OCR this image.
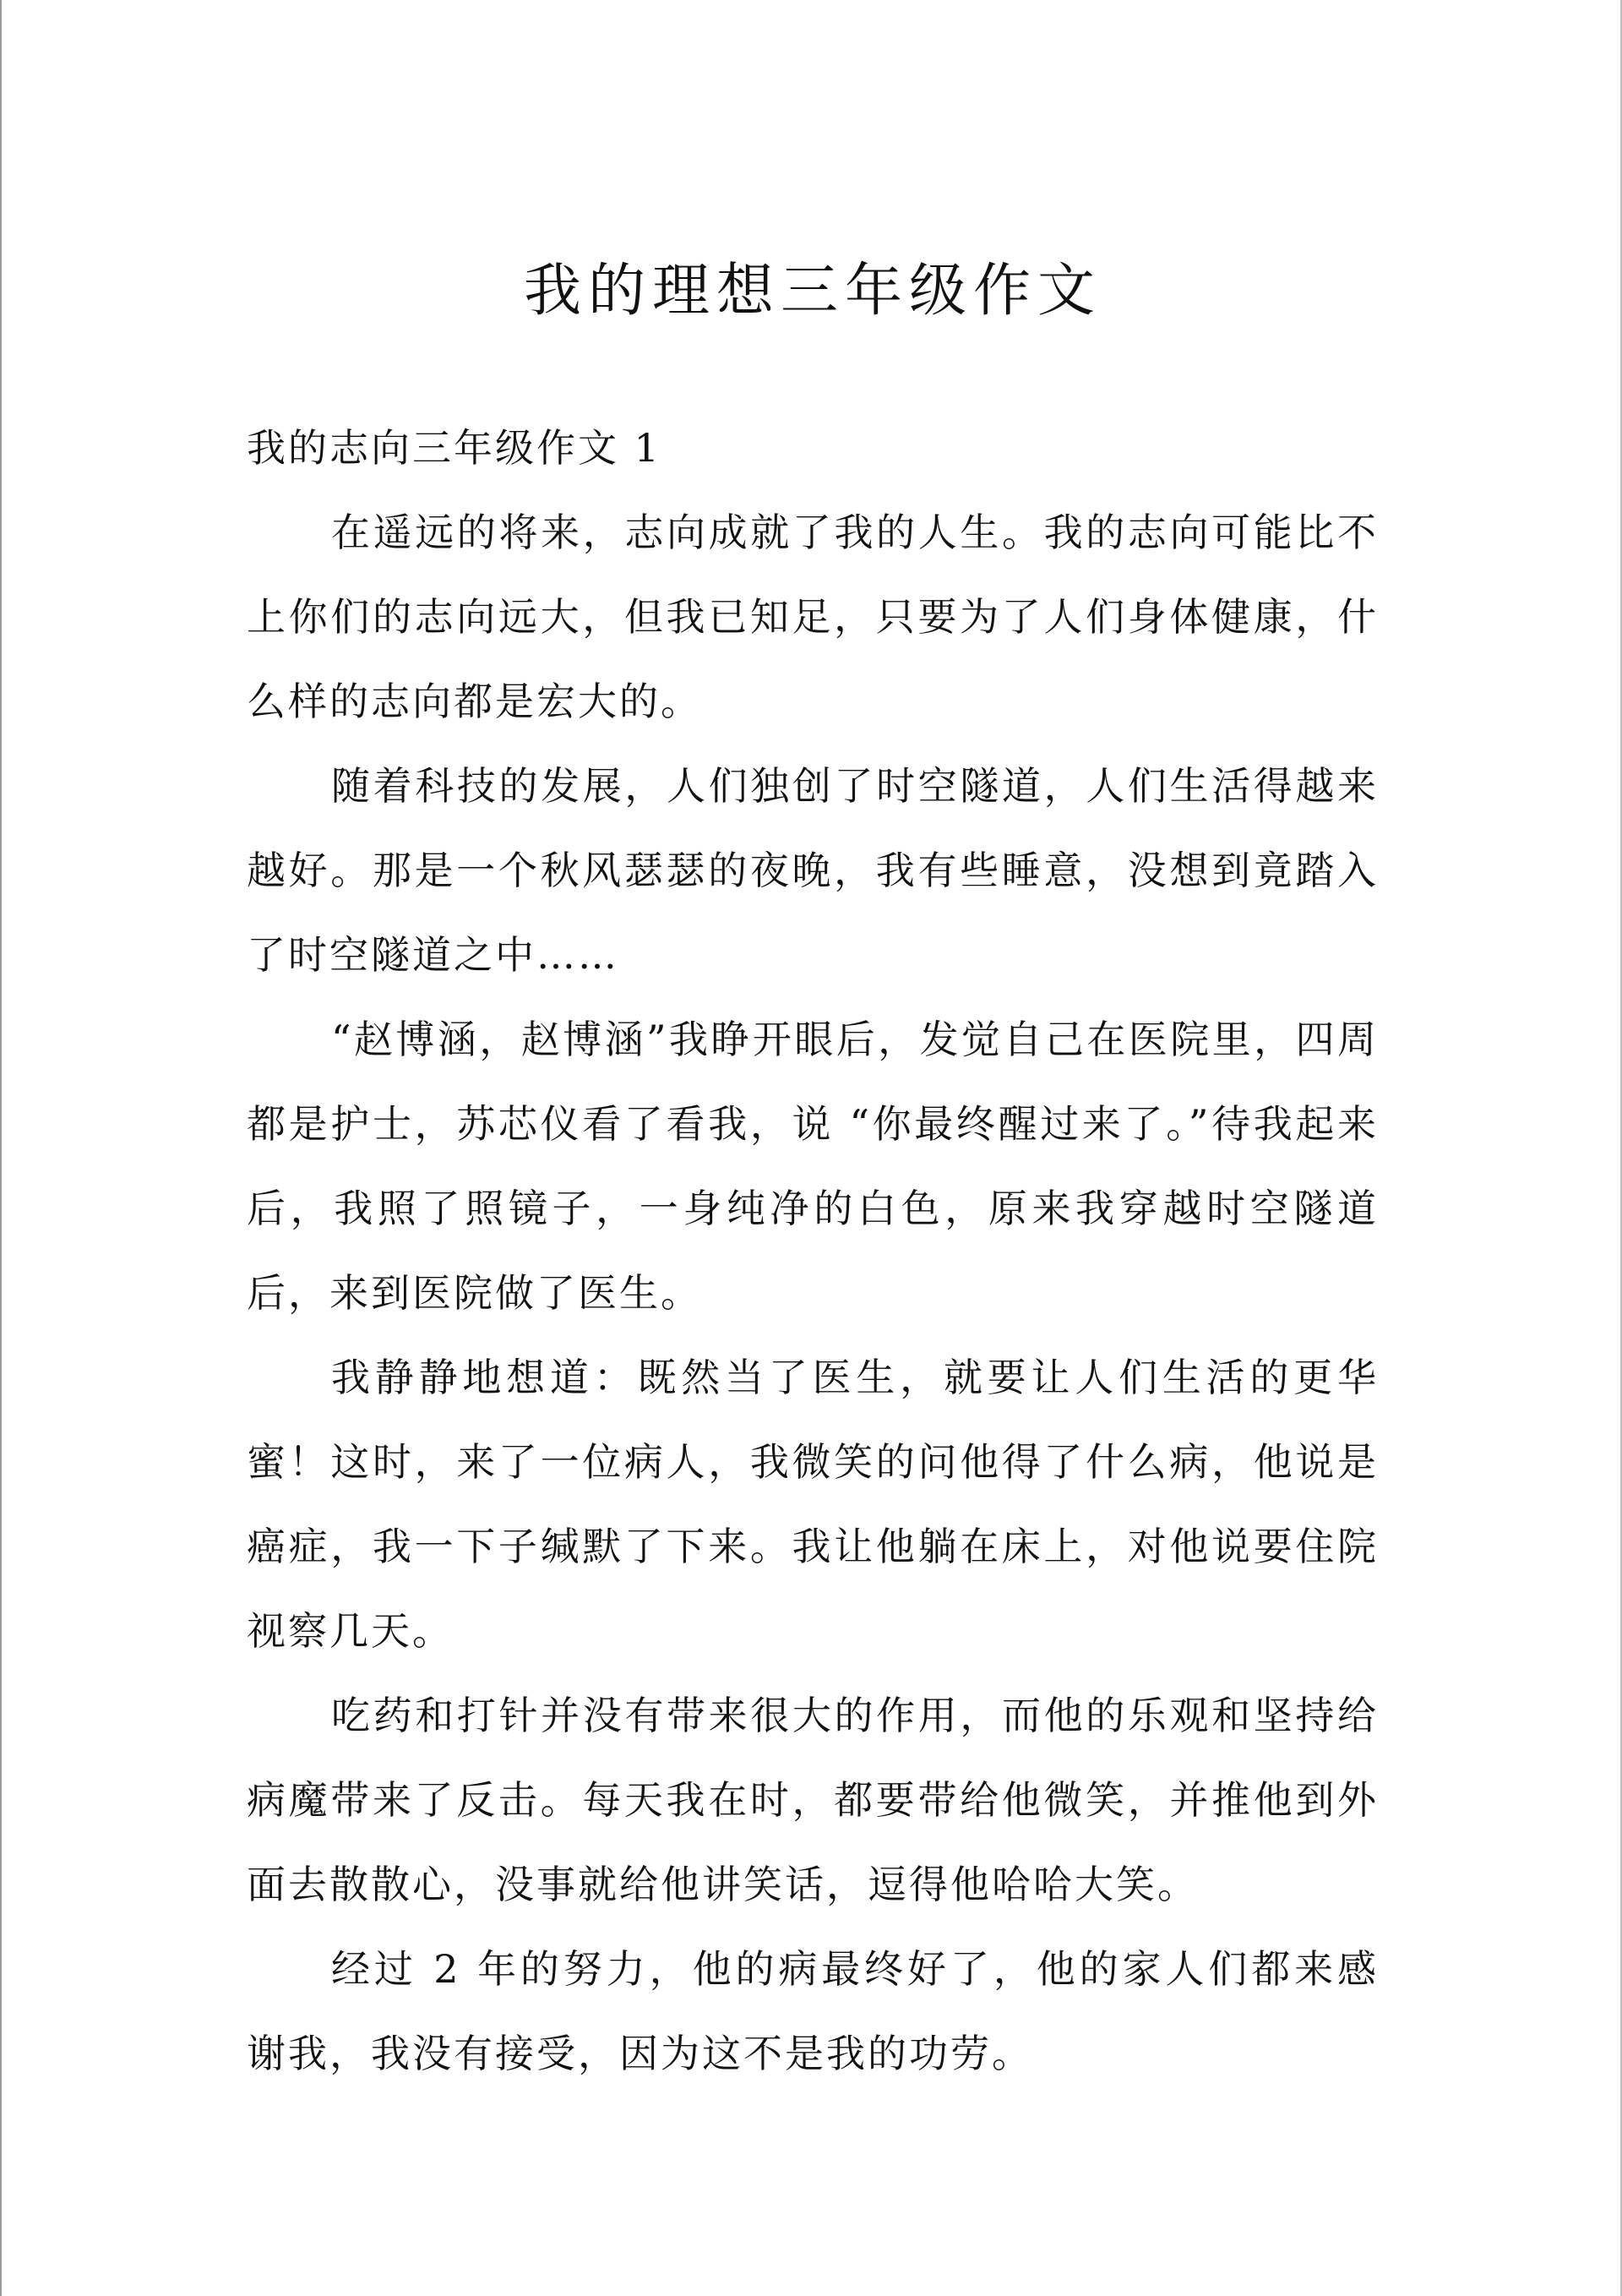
我的理想三年级作文

我的志向三年级作文 1

在遥远的将来，志向成就了我的人生。我的志向可能比不上你们的志向远大，但我已知足，只要为了人们身体健康，什么样的志向都是宏大的。

随着科技的发展，人们独创了时空隧道，人们生活得越来越好。那是一个秋风瑟瑟的夜晚，我有些睡意，没想到竟踏入了时空隧道之中……

“赵博涵，赵博涵”我睁开眼后，发觉自己在医院里，四周都是护士，苏芯仪看了看我，说 “你最终醒过来了。”待我起来后，我照了照镜子，一身纯净的白色，原来我穿越时空隧道后，来到医院做了医生。

我静静地想道：既然当了医生，就要让人们生活的更华蜜！这时，来了一位病人，我微笑的问他得了什么病，他说是癌症，我一下子缄默了下来。我让他躺在床上，对他说要住院视察几天。

吃药和打针并没有带来很大的作用，而他的乐观和坚持给病魔带来了反击。每天我在时，都要带给他微笑，并推他到外面去散散心，没事就给他讲笑话，逗得他哈哈大笑。

经过 2 年的努力，他的病最终好了，他的家人们都来感谢我，我没有接受，因为这不是我的功劳。
